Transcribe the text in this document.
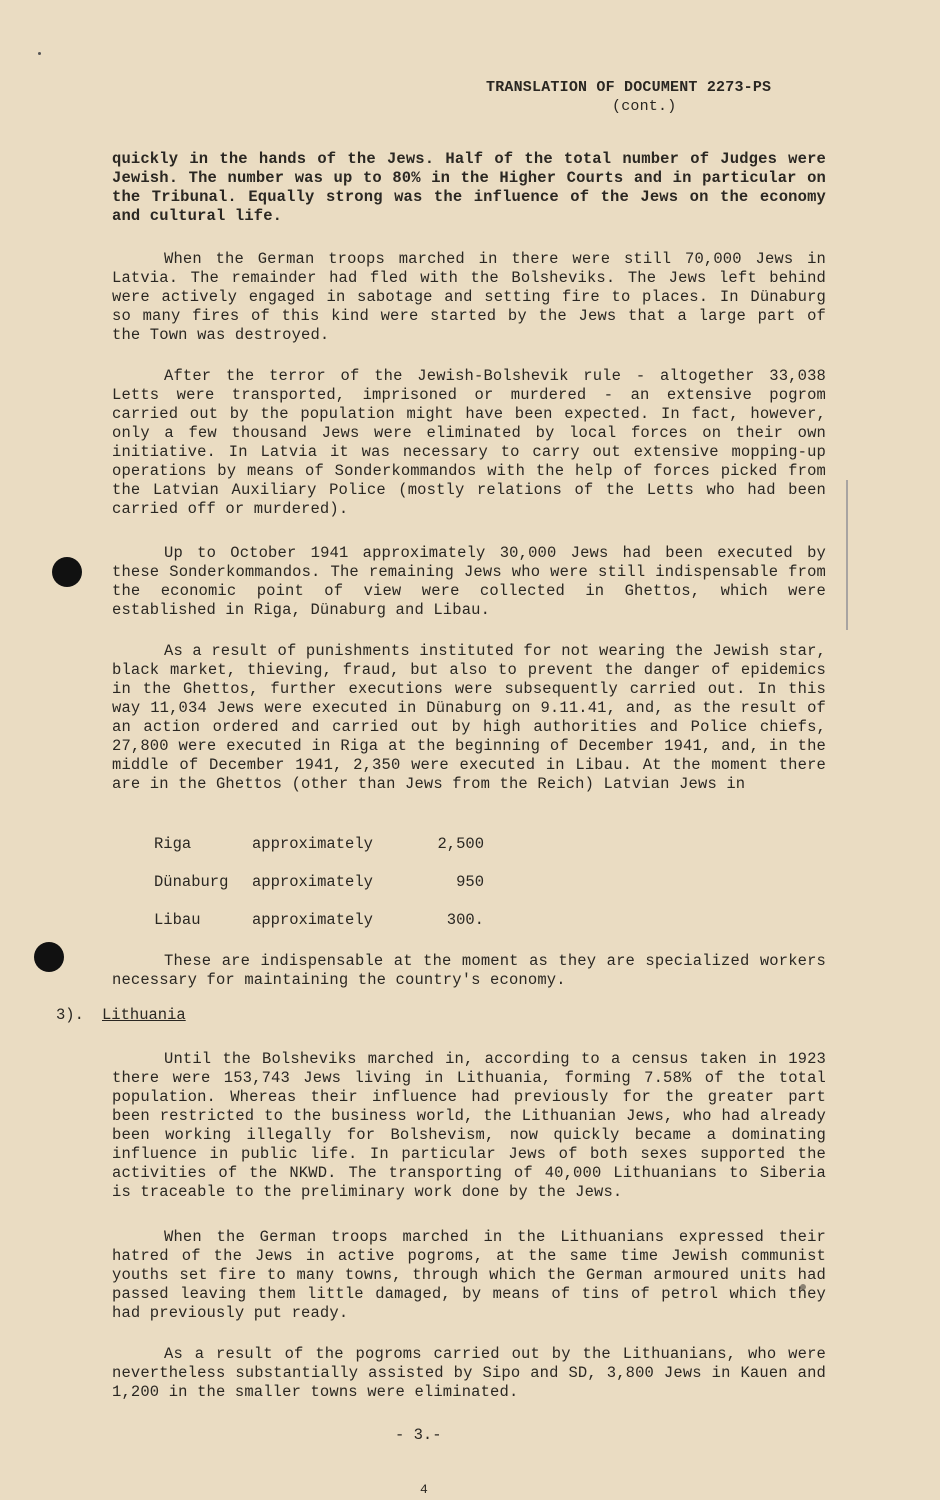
TRANSLATION OF DOCUMENT 2273-PS
(cont.)
quickly in the hands of the Jews. Half of the total number of Judges were Jewish. The number was up to 80% in the Higher Courts and in particular on the Tribunal. Equally strong was the influence of the Jews on the economy and cultural life.
When the German troops marched in there were still 70,000 Jews in Latvia. The remainder had fled with the Bolsheviks. The Jews left behind were actively engaged in sabotage and setting fire to places. In Dünaburg so many fires of this kind were started by the Jews that a large part of the Town was destroyed.
After the terror of the Jewish-Bolshevik rule - altogether 33,038 Letts were transported, imprisoned or murdered - an extensive pogrom carried out by the population might have been expected. In fact, however, only a few thousand Jews were eliminated by local forces on their own initiative. In Latvia it was necessary to carry out extensive mopping-up operations by means of Sonderkommandos with the help of forces picked from the Latvian Auxiliary Police (mostly relations of the Letts who had been carried off or murdered).
Up to October 1941 approximately 30,000 Jews had been executed by these Sonderkommandos. The remaining Jews who were still indispensable from the economic point of view were collected in Ghettos, which were established in Riga, Dünaburg and Libau.
As a result of punishments instituted for not wearing the Jewish star, black market, thieving, fraud, but also to prevent the danger of epidemics in the Ghettos, further executions were subsequently carried out. In this way 11,034 Jews were executed in Dünaburg on 9.11.41, and, as the result of an action ordered and carried out by high authorities and Police chiefs, 27,800 were executed in Riga at the beginning of December 1941, and, in the middle of December 1941, 2,350 were executed in Libau. At the moment there are in the Ghettos (other than Jews from the Reich) Latvian Jews in
Riga	approximately	2,500
Dünaburg approximately	950
Libau	approximately	300.
These are indispensable at the moment as they are specialized workers necessary for maintaining the country's economy.
3). Lithuania
Until the Bolsheviks marched in, according to a census taken in 1923 there were 153,743 Jews living in Lithuania, forming 7.58% of the total population. Whereas their influence had previously for the greater part been restricted to the business world, the Lithuanian Jews, who had already been working illegally for Bolshevism, now quickly became a dominating influence in public life. In particular Jews of both sexes supported the activities of the NKWD. The transporting of 40,000 Lithuanians to Siberia is traceable to the preliminary work done by the Jews.
When the German troops marched in the Lithuanians expressed their hatred of the Jews in active pogroms, at the same time Jewish communist youths set fire to many towns, through which the German armoured units had passed leaving them little damaged, by means of tins of petrol which they had previously put ready.
As a result of the pogroms carried out by the Lithuanians, who were nevertheless substantially assisted by Sipo and SD, 3,800 Jews in Kauen and 1,200 in the smaller towns were eliminated.
- 3.-
4
